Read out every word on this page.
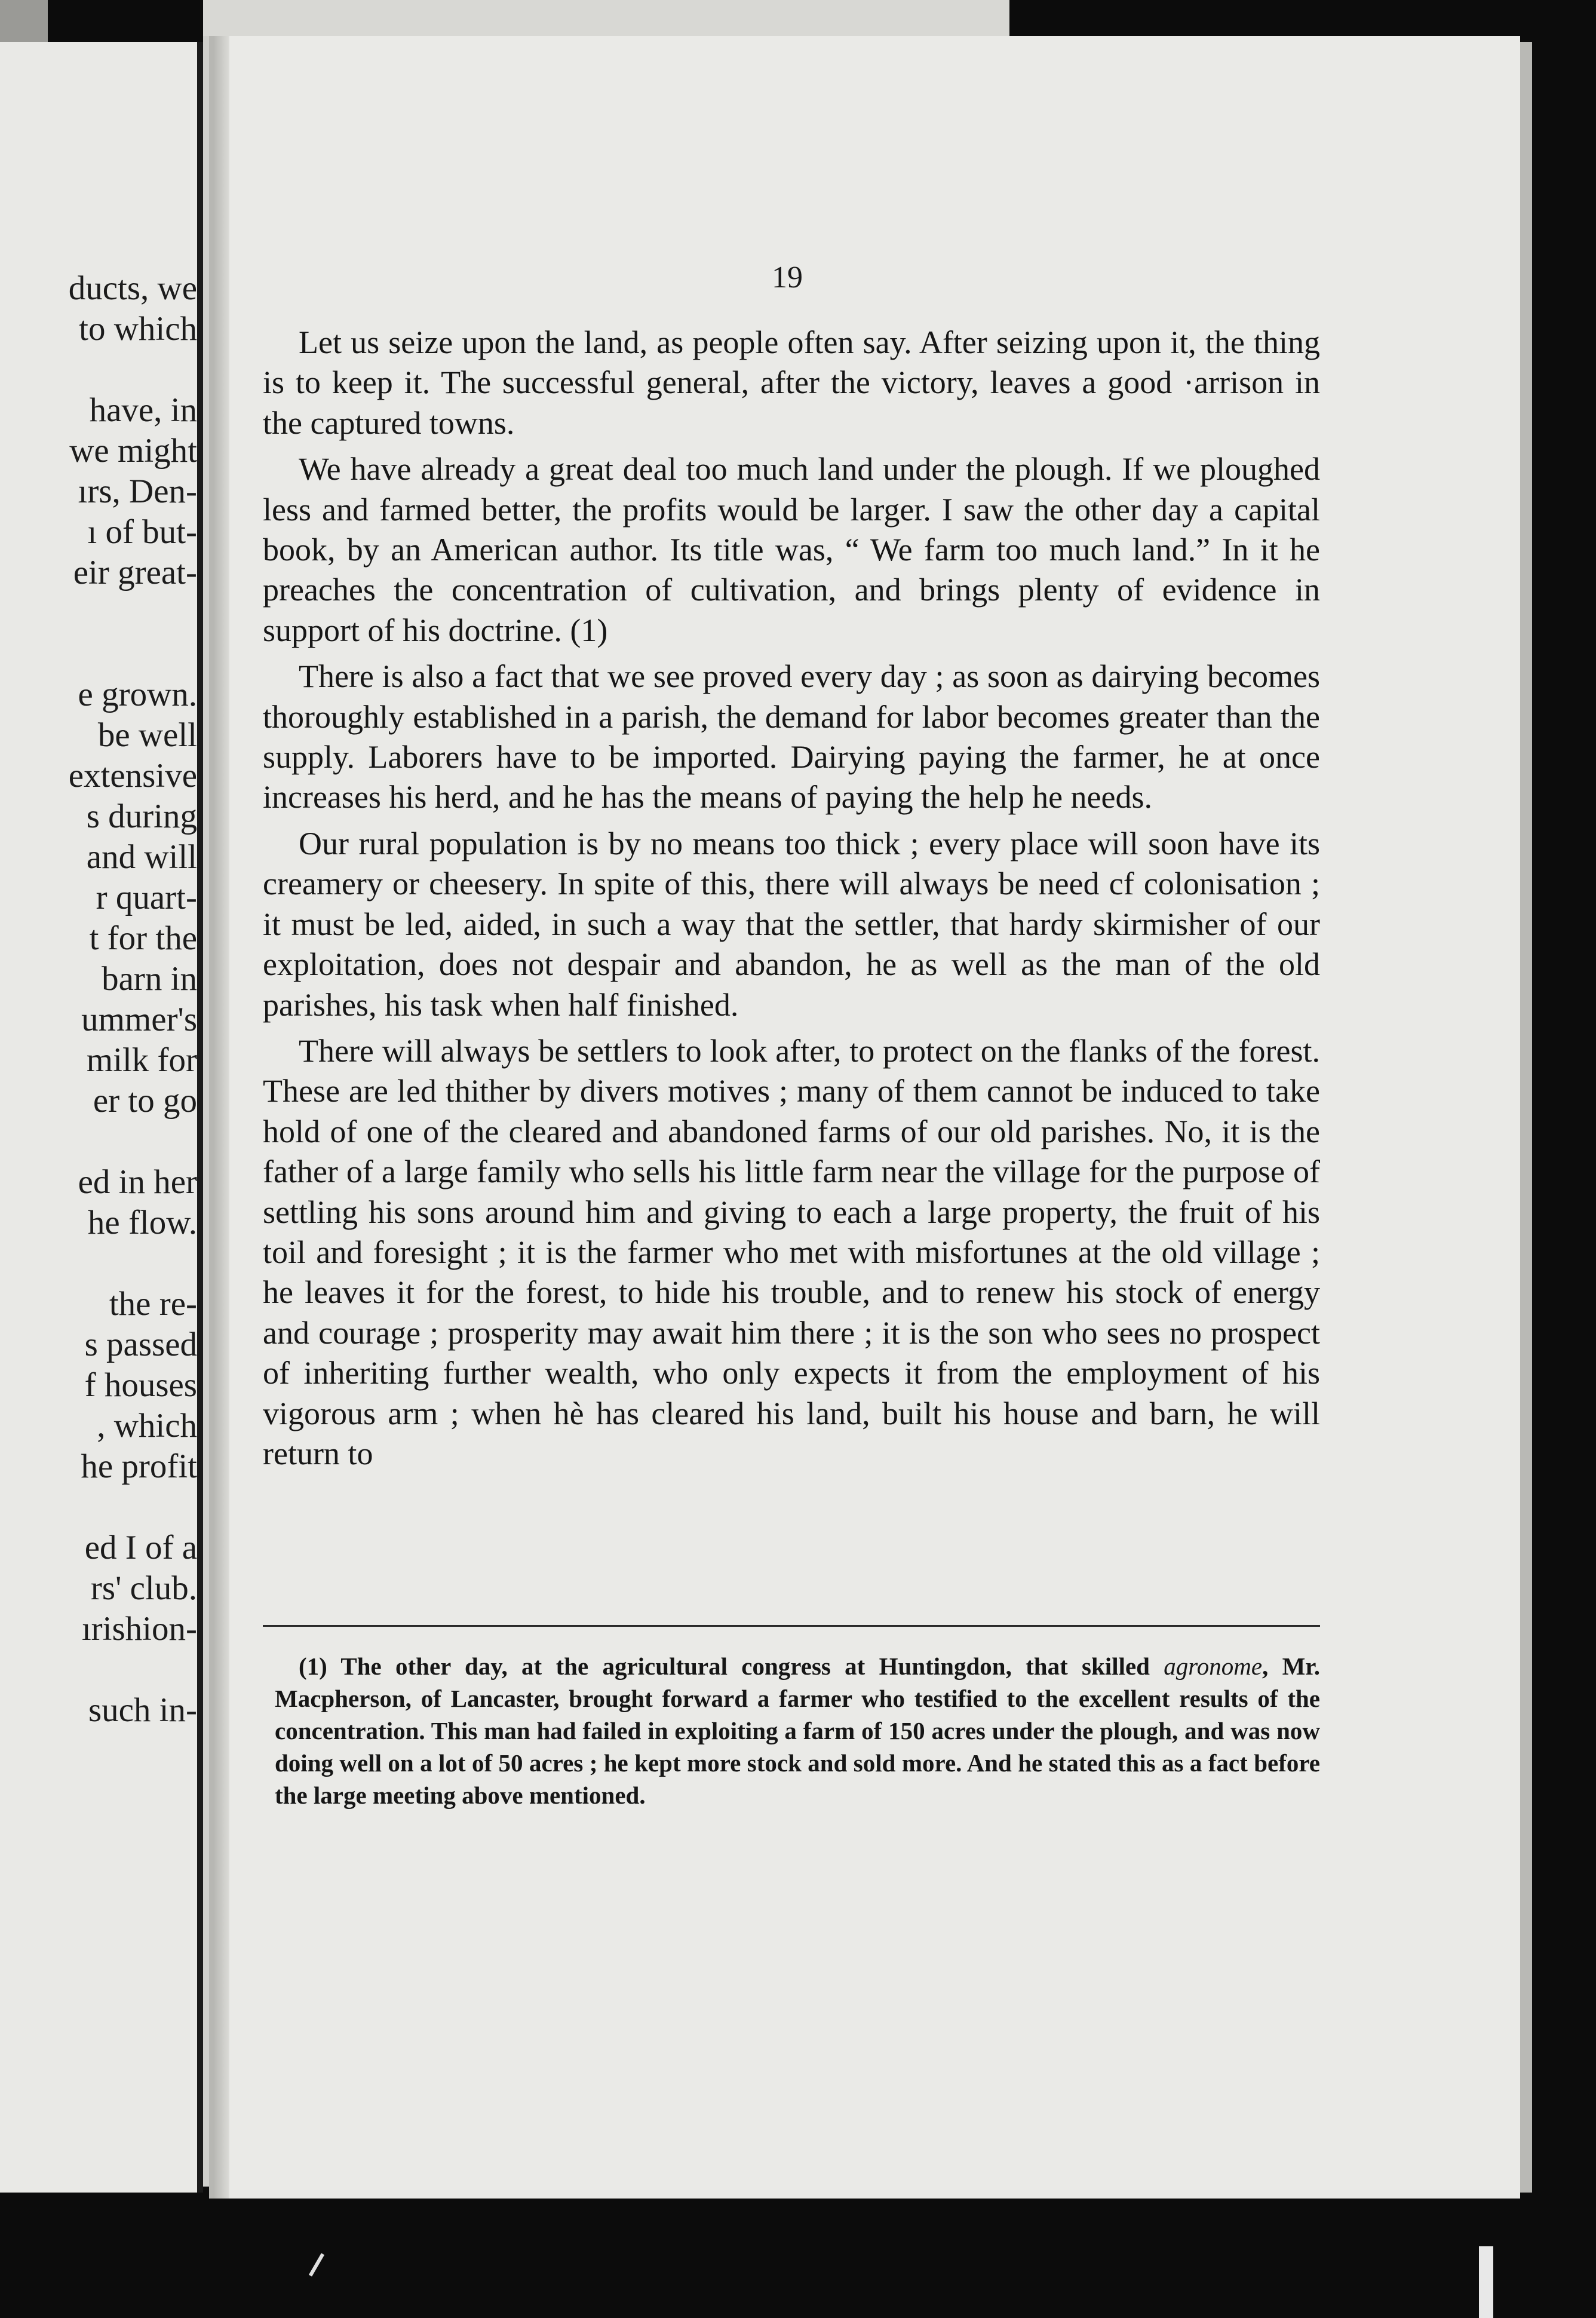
ducts, we
to which
have, in
we might
ırs, Den-
ı of but-
eir great-
e grown.
be well
extensive
s during
and will
r quart-
t for the
barn in
ummer's
milk for
er to go
ed in her
he flow.
the re-
s passed
f houses
, which
he profit
ed I of a
rs' club.
ırishion-
such in-
19

Let us seize upon the land, as people often say. After seizing upon it, the thing is to keep it. The successful general, after the victory, leaves a good ·arrison in the captured towns.

We have already a great deal too much land under the plough. If we ploughed less and farmed better, the profits would be larger. I saw the other day a capital book, by an American author. Its title was, “ We farm too much land.” In it he preaches the concentration of cultivation, and brings plenty of evidence in support of his doctrine. (1)

There is also a fact that we see proved every day ; as soon as dairying becomes thoroughly established in a parish, the demand for labor becomes greater than the supply. Laborers have to be imported. Dairying paying the farmer, he at once increases his herd, and he has the means of paying the help he needs.

Our rural population is by no means too thick ; every place will soon have its creamery or cheesery. In spite of this, there will always be need cf colonisation ; it must be led, aided, in such a way that the settler, that hardy skirmisher of our exploitation, does not despair and abandon, he as well as the man of the old parishes, his task when half finished.

There will always be settlers to look after, to protect on the flanks of the forest. These are led thither by divers motives ; many of them cannot be induced to take hold of one of the cleared and abandoned farms of our old parishes. No, it is the father of a large family who sells his little farm near the village for the purpose of settling his sons around him and giving to each a large property, the fruit of his toil and foresight ; it is the farmer who met with misfortunes at the old village ; he leaves it for the forest, to hide his trouble, and to renew his stock of energy and courage ; prosperity may await him there ; it is the son who sees no prospect of inheriting further wealth, who only expects it from the employment of his vigorous arm ; when hè has cleared his land, built his house and barn, he will return to

(1) The other day, at the agricultural congress at Huntingdon, that skilled agronome, Mr. Macpherson, of Lancaster, brought forward a farmer who testified to the excellent results of the concentration. This man had failed in exploiting a farm of 150 acres under the plough, and was now doing well on a lot of 50 acres ; he kept more stock and sold more. And he stated this as a fact before the large meeting above mentioned.
